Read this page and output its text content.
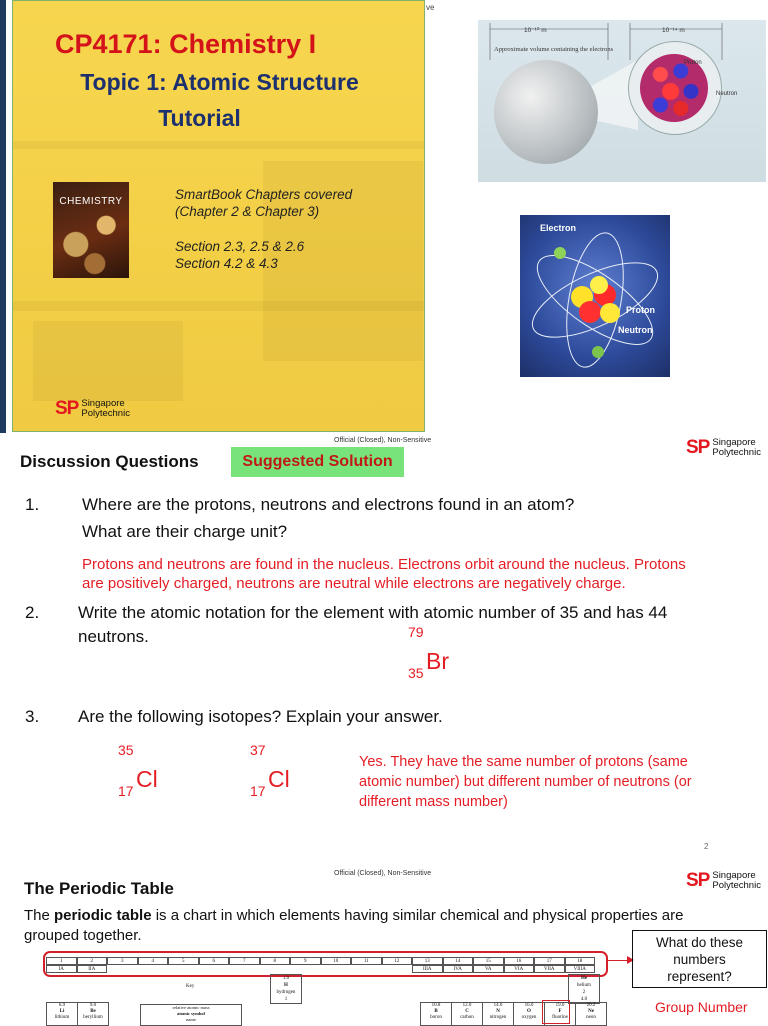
ve
CP4171: Chemistry I
Topic 1: Atomic Structure
Tutorial
CHEMISTRY	SmartBook Chapters covered
(Chapter 2 & Chapter 3)
Section 2.3, 2.5 & 2.6
Section 4.2 & 4.3
SP Singapore
Polytechnic
10⁻¹⁰ m	10⁻¹⁴ m
Approximate volume containing the electrons
Proton
Neutron
Electron
Proton
Neutron
Official (Closed), Non-Sensitive	SP Singapore
Polytechnic
Discussion Questions	Suggested Solution
1.	Where are the protons, neutrons and electrons found in an atom?
What are their charge unit?
Protons and neutrons are found in the nucleus. Electrons orbit around the nucleus. Protons
are positively charged, neutrons are neutral while electrons are negatively charge.
2. Write the atomic notation for the element with atomic number of 35 and has 44
neutrons.	79
Br
35
3. Are the following isotopes? Explain your answer.
35
Cl
17
37
Cl
17
Yes. They have the same number of protons (same
atomic number) but different number of neutrons (or
different mass number)
2
Official (Closed), Non-Sensitive	SP Singapore
Polytechnic
The Periodic Table
The periodic table is a chart in which elements having similar chemical and physical properties are
grouped together.
1	2	3	4	5	6	7	8	9	10	11	12	13	14	15	16	17	18
IA	IIA	IIIA	IVA	VA	VIA	VIIA	VIIIA
Key
relative atomic mass
atomic symbol
name
1.0
H
hydrogen
1
He
helium
2
4.0
6.9
Li
lithium
9.0
Be
beryllium
10.8
B
boron
12.0
C
carbon
14.0
N
nitrogen
16.0
O
oxygen
19.0
F
fluorine
20.2
Ne
neon
What do these
numbers
represent?
Group Number
